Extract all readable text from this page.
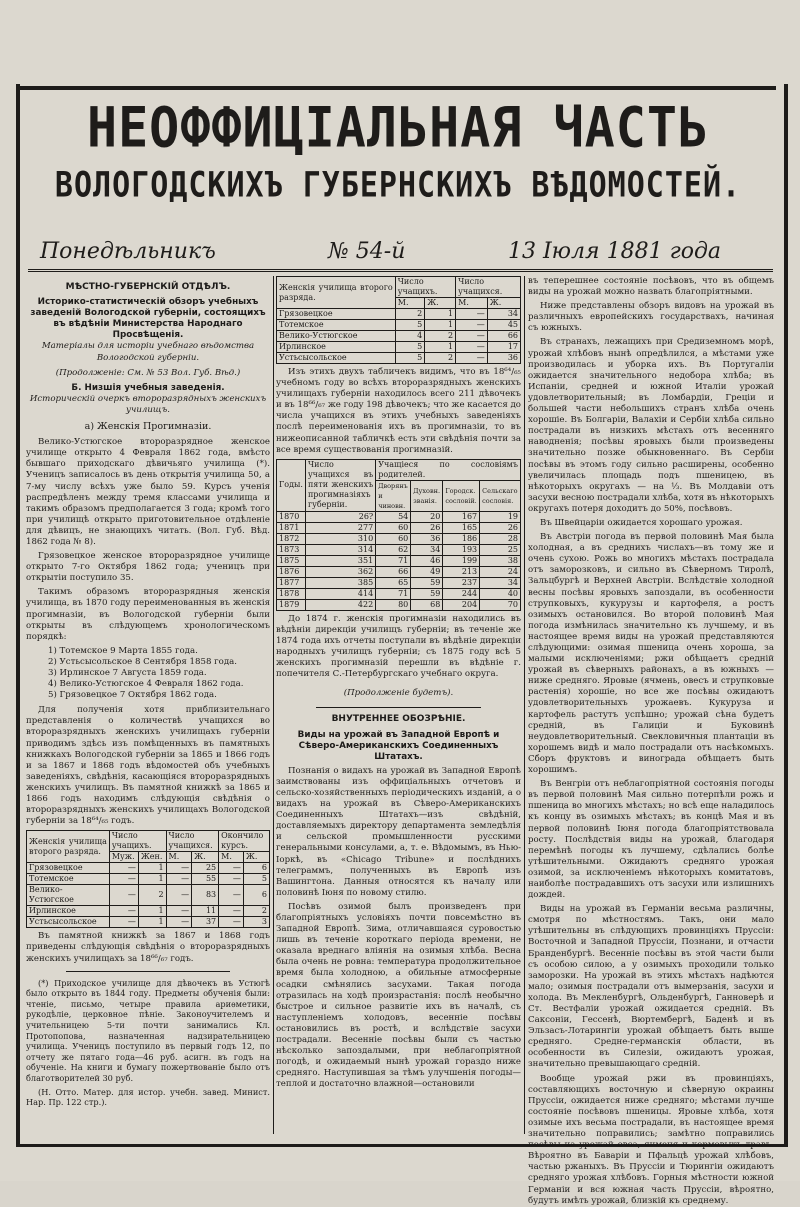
НЕОФФИЦІАЛЬНАЯ ЧАСТЬ
ВОЛОГОДСКИХЪ ГУБЕРНСКИХЪ ВѢДОМОСТЕЙ.
Понедѣльникъ	№ 54-й	13 Іюля 1881 года
МѢСТНО-ГУБЕРНСКІЙ ОТДѢЛЪ.
Историко-статистическій обзоръ учебныхъ заведеній Вологодской губерніи, состоящихъ въ вѣдѣніи Министерства Народнаго Просвѣщенія.
Матеріалы для исторіи учебнаго вѣдомства Вологодской губерніи.
(Продолженіе: См. № 53 Вол. Губ. Вѣд.)
Б. Низшія учебныя заведенія.
Историческій очеркъ второразрядныхъ женскихъ училищъ.
а) Женскія Прогимназіи.

Велико-Устюгское второразрядное женское училище открыто 4 Февраля 1862 года, вмѣсто бывшаго приходскаго дѣвичьяго училища (*). Ученицъ записалось въ день открытія училища 50, а 7-му числу всѣхъ уже было 59. Курсъ ученія распредѣленъ между тремя классами училища и такимъ образомъ предполагается 3 года; кромѣ того при училищѣ открыто приготовительное отдѣленіе для дѣвицъ, не знающихъ читать. (Вол. Губ. Вѣд. 1862 года № 8).

Грязовецкое женское второразрядное училище открыто 7-го Октября 1862 года; ученицъ при открытіи поступило 35.

Такимъ образомъ второразрядныя женскія училища, въ 1870 году переименованныя въ женскія прогимназіи, въ Вологодской губерніи были открыты въ слѣдующемъ хронологическомъ порядкѣ:

1) Тотемское 9 Марта 1855 года.
2) Устьсысольское 8 Сентября 1858 года.
3) Ирлинское 7 Августа 1859 года.
4) Велико-Устюгское 4 Февраля 1862 года.
5) Грязовецкое 7 Октября 1862 года.

Для полученія хотя приблизительнаго представленія о количествѣ учащихся во второразрядныхъ женскихъ училищахъ губерніи приводимъ здѣсь изъ помѣщенныхъ въ памятныхъ книжкахъ Вологодской губерніи за 1865 и 1866 годъ и за 1867 и 1868 годъ вѣдомостей объ учебныхъ заведеніяхъ, свѣдѣнія, касающіяся второразрядныхъ женскихъ училищъ. Въ памятной книжкѣ за 1865 и 1866 годъ находимъ слѣдующія свѣдѣнія о второразрядныхъ женскихъ училищахъ Вологодской губерніи за 18⁶⁴/₆₅ годъ.

Женскія училища второго разряда.	Число учащихъ.		Число учащихся.		Окончило курсъ.	
	Муж.	Жен.	М.	Ж.	М.	Ж.
Грязовецкое	—	1	—	25	—	6
Тотемское	—	1	—	55	—	5
Велико-Устюгское	—	2	—	83	—	6
Ирлинское	—	1	—	11	—	2
Устьсысольское	—	1	—	37	—	3

Въ памятной книжкѣ за 1867 и 1868 годъ приведены слѣдующія свѣдѣнія о второразрядныхъ женскихъ училищахъ за 18⁶⁶/₆₇ годъ.

(*) Приходское училище для дѣвочекъ въ Устюгѣ было открыто въ 1844 году. Предметы обученія были: чтеніе, письмо, четыре правила ариѳметики, рукодѣліе, церковное пѣніе. Законоучителемъ и учительницею 5-ти почти занимались Кл. Протопопова, назначенная надзирательницею училища. Ученицъ поступило въ первый годъ 12, по отчету же пятаго года—46 руб. асигн. въ годъ на обученіе. На книги и бумагу пожертвованіе было отъ благотворителей 30 руб.

(Н. Отто. Матер. для истор. учебн. завед. Минист. Нар. Пр. 122 стр.).

Женскія училища второго разряда.	Число учащихъ.		Число учащихся.	
	М.	Ж.	М.	Ж.
Грязовецкое	2	1	—	34
Тотемское	5	1	—	45
Велико-Устюгское	4	2	—	66
Ирлинское	5	1	—	17
Устьсысольское	5	2	—	36

Изъ этихъ двухъ табличекъ видимъ, что въ 18⁶⁴/₆₅ учебномъ году во всѣхъ второразрядныхъ женскихъ училищахъ губерніи находилось всего 211 дѣвочекъ и въ 18⁶⁶/₆₇ же году 198 дѣвочекъ; что же касается до числа учащихся въ этихъ учебныхъ заведеніяхъ послѣ переименованія ихъ въ прогимназіи, то въ нижеописанной табличкѣ есть эти свѣдѣнія почти за все время существованія прогимназій.

Годы.	Число учащихся въ пяти женскихъ прогимназіяхъ губерніи.	Учащіеся по сословіямъ родителей.			
		Дворянъ и чиновн.	Духовн. званія.	Городск. сословій.	Сельскаго сословія.
1870	26?	54	20	167	19
1871	277	60	26	165	26
1872	310	60	36	186	28
1873	314	62	34	193	25
1875	351	71	46	199	38
1876	362	66	49	213	24
1877	385	65	59	237	34
1878	414	71	59	244	40
1879	422	80	68	204	70

До 1874 г. женскія прогимназіи находились въ вѣдѣніи дирекціи училищъ губерніи; въ теченіе же 1874 года ихъ отчеты поступали въ вѣдѣніе дирекціи народныхъ училищъ губерніи; съ 1875 году всѣ 5 женскихъ прогимназій перешли въ вѣдѣніе г. попечителя С.-Петербургскаго учебнаго округа.

(Продолженіе будетъ).
ВНУТРЕННЕЕ ОБОЗРѢНІЕ.
Виды на урожай въ Западной Европѣ и Сѣверо-Американскихъ Соединенныхъ Штатахъ.

Познанія о видахъ на урожай въ Западной Европѣ заимствованы изъ оффиціальныхъ отчетовъ и сельско-хозяйственныхъ періодическихъ изданій, а о видахъ на урожай въ Сѣверо-Американскихъ Соединенныхъ Штатахъ—изъ свѣдѣній, доставляемыхъ директору департамента земледѣлія и сельской промышленности русскими генеральными консулами, а, т. е. Вѣдомымъ, въ Нью-Іоркѣ, въ «Chicago Tribune» и послѣднихъ телеграммъ, полученныхъ въ Европѣ изъ Вашингтона. Данныя относятся къ началу или половинѣ Іюня по новому стилю.

Посѣвъ озимой былъ произведенъ при благопріятныхъ условіяхъ почти повсемѣстно въ Западной Европѣ. Зима, отличавшаяся суровостью лишь въ теченіе короткаго періода времени, не оказала вреднаго вліянія на озимыя хлѣба. Весна была очень не ровна: температура продолжительное время была холодною, а обильные атмосферные осадки смѣнялись засухами. Такая погода отразилась на ходѣ произрастанія: послѣ необычно быстрое и сильное развитіе ихъ въ началѣ, съ наступленіемъ холодовъ, весенніе посѣвы остановились въ ростѣ, и вслѣдствіе засухи пострадали. Весенніе посѣвы были съ частью нѣсколько запоздалыми, при неблагопріятной погодѣ, и ожидаемый нынѣ урожай гораздо ниже средняго. Наступившая за тѣмъ улучшенія погоды—теплой и достаточно влажной—остановили

въ теперешнее состояніе посѣвовъ, что въ общемъ виды на урожай можно назвать благопріятными.

Ниже представлены обзоръ видовъ на урожай въ различныхъ европейскихъ государствахъ, начиная съ южныхъ.

Въ странахъ, лежащихъ при Средиземномъ морѣ, урожай хлѣбовъ нынѣ опредѣлился, а мѣстами уже производилась и уборка ихъ. Въ Португаліи ожидается значительного недобора хлѣба; въ Испаніи, средней и южной Италіи урожай удовлетворительный; въ Ломбардіи, Греціи и большей части небольшихъ странъ хлѣба очень хорошіе. Въ Болгаріи, Валахіи и Сербіи хлѣба сильно пострадали въ низкихъ мѣстахъ отъ весенняго наводненія; посѣвы яровыхъ были произведены значительно позже обыкновеннаго. Въ Сербіи посѣвы въ этомъ году сильно расширены, особенно увеличилась площадь подъ пшеницею, въ нѣкоторыхъ округахъ — на ⅓. Въ Молдавіи отъ засухи весною пострадали хлѣба, хотя въ нѣкоторыхъ округахъ потеря доходитъ до 50%, посѣвовъ.

Въ Швейцаріи ожидается хорошаго урожая.

Въ Австріи погода въ первой половинѣ Мая была холодная, а въ среднихъ числахъ—въ тому же и очень сухою. Рожь во многихъ мѣстахъ пострадала отъ заморозковъ, и сильно въ Сѣверномъ Тиролѣ, Зальцбургѣ и Верхней Австріи. Вслѣдствіе холодной весны посѣвы яровыхъ запоздали, въ особенности струпковыхъ, кукурузы и картофеля, а ростъ озимыхъ остановился. Во второй половинѣ Мая погода измѣнилась значительно къ лучшему, и въ настоящее время виды на урожай представляются слѣдующими: озимая пшеница очень хороша, за малыми исключеніями; ржи обѣщаетъ средній урожай въ сѣверныхъ районахъ, а въ южныхъ — ниже средняго. Яровые (ячмень, овесъ и струпковые растенія) хорошіе, но все же посѣвы ожидаютъ удовлетворительныхъ урожаевъ. Кукуруза и картофель растутъ успѣшно; урожай сѣна будетъ средній, въ Галиціи и Буковинѣ неудовлетворительный. Свекловичныя плантаціи въ хорошемъ видѣ и мало пострадали отъ насѣкомыхъ. Сборъ фруктовъ и винограда обѣщаетъ быть хорошимъ.

Въ Венгріи отъ неблагопріятной состоянія погоды въ первой половинѣ Мая сильно потерпѣли рожь и пшеница во многихъ мѣстахъ; но всѣ еще наладилось къ концу въ озимыхъ мѣстахъ; въ концѣ Мая и въ первой половинѣ Іюня погода благопріятствовала росту. Послѣдствія виды на урожай, благодаря перемѣнѣ погоды къ лучшему, сдѣлались болѣе утѣшительными. Ожидаютъ средняго урожая озимой, за исключеніемъ нѣкоторыхъ комитатовъ, наиболѣе пострадавшихъ отъ засухи или излишнихъ дождей.

Виды на урожай въ Германіи весьма различны, смотря по мѣстностямъ. Такъ, они мало утѣшительны въ слѣдующихъ провинціяхъ Пруссіи: Восточной и Западной Пруссіи, Познани, и отчасти Бранденбургѣ. Весенніе посѣвы въ этой части были съ особою силою, а у озимыхъ проходили только заморозки. На урожай въ этихъ мѣстахъ надѣются мало; озимыя пострадали отъ вымерзанія, засухи и холода. Въ Мекленбургѣ, Ольденбургѣ, Ганноверѣ и Ст. Вестфаліи урожай ожидается средній. Въ Саксоніи, Гессенѣ, Вюртембергѣ, Баденѣ и въ Эльзасъ-Лотарингіи урожай обѣщаетъ быть выше средняго. Средне-германскія области, въ особенности въ Силезіи, ожидаютъ урожая, значительно превышающаго средній.

Вообще урожай ржи въ провинціяхъ, составляющихъ восточную и сѣверную окраины Пруссіи, ожидается ниже средняго; мѣстами лучше состояніе посѣвовъ пшеницы. Яровые хлѣба, хотя озимые ихъ весьма пострадали, въ настоящее время значительно поправились; замѣтно поправились посѣвы на урожай овса, ячменя и кормовыхъ травъ. Вѣроятно въ Баваріи и Пфальцѣ урожай хлѣбовъ, частью ржаныхъ. Въ Пруссіи и Тюрингіи ожидаютъ средняго урожая хлѣбовъ. Горныя мѣстности южной Германіи и вся южная часть Пруссіи, вѣроятно, будутъ имѣть урожай, близкій къ среднему.
